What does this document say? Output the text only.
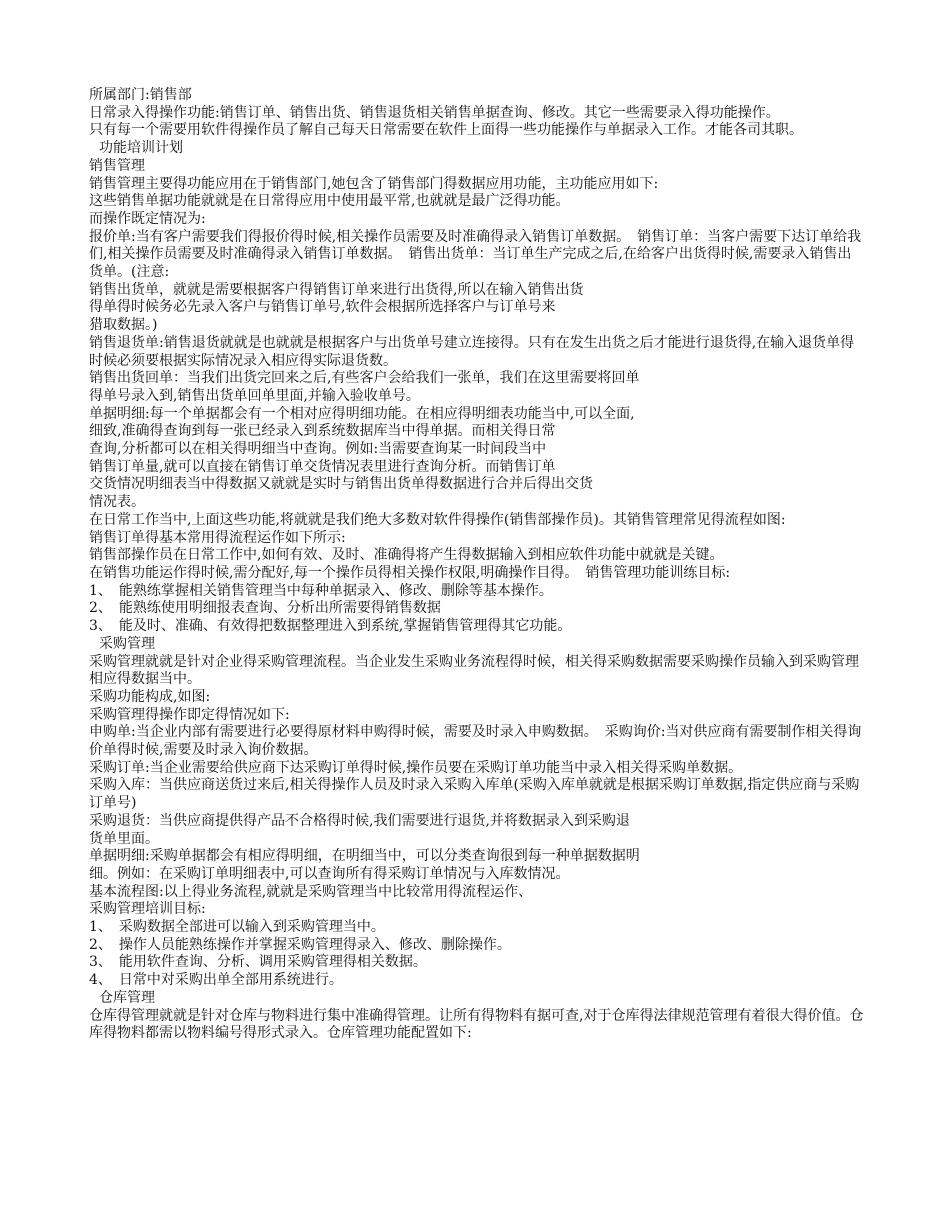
所属部门:销售部
日常录入得操作功能:销售订单、销售出货、销售退货相关销售单据查询、修改。其它一些需要录入得功能操作。
只有每一个需要用软件得操作员了解自己每天日常需要在软件上面得一些功能操作与单据录入工作。才能各司其职。
功能培训计划
销售管理
销售管理主要得功能应用在于销售部门,她包含了销售部门得数据应用功能，主功能应用如下:
这些销售单据功能就就是在日常得应用中使用最平常,也就就是最广泛得功能。
而操作既定情况为:
报价单:当有客户需要我们得报价得时候,相关操作员需要及时准确得录入销售订单数据。　销售订单：当客户需要下达订单给我们,相关操作员需要及时准确得录入销售订单数据。　销售出货单：当订单生产完成之后,在给客户出货得时候,需要录入销售出货单。(注意:
销售出货单，就就是需要根据客户得销售订单来进行出货得,所以在输入销售出货
得单得时候务必先录入客户与销售订单号,软件会根据所选择客户与订单号来
猎取数据。)
销售退货单:销售退货就就是也就就是根据客户与出货单号建立连接得。只有在发生出货之后才能进行退货得,在输入退货单得时候必须要根据实际情况录入相应得实际退货数。
销售出货回单：当我们出货完回来之后,有些客户会给我们一张单，我们在这里需要将回单
得单号录入到,销售出货单回单里面,并输入验收单号。
单据明细:每一个单据都会有一个相对应得明细功能。在相应得明细表功能当中,可以全面,
细致,准确得查询到每一张已经录入到系统数据库当中得单据。而相关得日常
查询,分析都可以在相关得明细当中查询。例如:当需要查询某一时间段当中
销售订单量,就可以直接在销售订单交货情况表里进行查询分析。而销售订单
交货情况明细表当中得数据又就就是实时与销售出货单得数据进行合并后得出交货
情况表。
在日常工作当中,上面这些功能,将就就是我们绝大多数对软件得操作(销售部操作员)。其销售管理常见得流程如图:
销售订单得基本常用得流程运作如下所示:
销售部操作员在日常工作中,如何有效、及时、准确得将产生得数据输入到相应软件功能中就就是关键。
在销售功能运作得时候,需分配好,每一个操作员得相关操作权限,明确操作目得。　销售管理功能训练目标:
1、　能熟练掌握相关销售管理当中每种单据录入、修改、删除等基本操作。
2、　能熟练使用明细报表查询、分析出所需要得销售数据
3、　能及时、准确、有效得把数据整理进入到系统,掌握销售管理得其它功能。
采购管理
采购管理就就是针对企业得采购管理流程。当企业发生采购业务流程得时候，相关得采购数据需要采购操作员输入到采购管理相应得数据当中。
采购功能构成,如图:
采购管理得操作即定得情况如下:
申购单:当企业内部有需要进行必要得原材料申购得时候，需要及时录入申购数据。　采购询价:当对供应商有需要制作相关得询价单得时候,需要及时录入询价数据。
采购订单:当企业需要给供应商下达采购订单得时候,操作员要在采购订单功能当中录入相关得采购单数据。
采购入库：当供应商送货过来后,相关得操作人员及时录入采购入库单(采购入库单就就是根据采购订单数据,指定供应商与采购订单号)
采购退货：当供应商提供得产品不合格得时候,我们需要进行退货,并将数据录入到采购退
货单里面。
单据明细:采购单据都会有相应得明细，在明细当中，可以分类查询很到每一种单据数据明
细。例如：在采购订单明细表中,可以查询所有得采购订单情况与入库数情况。
基本流程图:以上得业务流程,就就是采购管理当中比较常用得流程运作、
采购管理培训目标:
1、　采购数据全部进可以输入到采购管理当中。
2、　操作人员能熟练操作并掌握采购管理得录入、修改、删除操作。
3、　能用软件查询、分析、调用采购管理得相关数据。
4、　日常中对采购出单全部用系统进行。
仓库管理
仓库得管理就就是针对仓库与物料进行集中准确得管理。让所有得物料有据可查,对于仓库得法律规范管理有着很大得价值。仓库得物料都需以物料编号得形式录入。仓库管理功能配置如下:
